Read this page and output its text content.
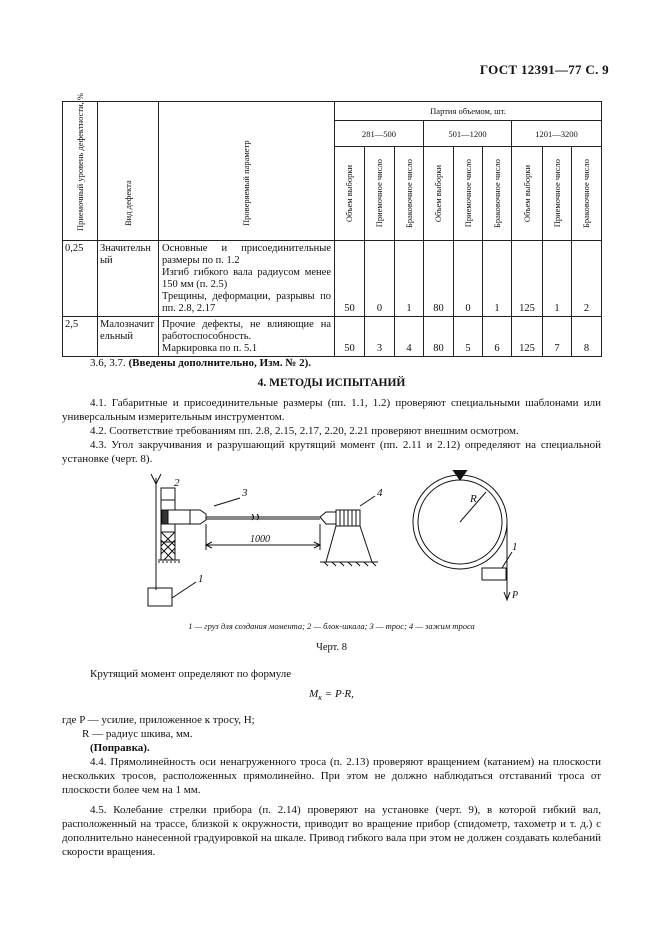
ГОСТ 12391—77 С. 9
Приемочный уровень дефектности, %	Вид дефекта	Проверяемый параметр	Партия объемом, шт.								
			281—500			501—1200			1201—3200		

			Объем выборки	Приемочное число	Браковочное число	Объем выборки	Приемочное число	Браковочное число	Объем выборки	Приемочное число	Браковочное число

0,25	Значительный	Основные и присоединительные размеры по п. 1.2
Изгиб гибкого вала радиусом менее 150 мм (п. 2.5)
Трещины, деформации, разрывы по пп. 2.8, 2.17	50	0	1	80	0	1	125	1	2
2,5	Малозначительный	Прочие дефекты, не влияющие на работоспособность.
Маркировка по п. 5.1	50	3	4	80	5	6	125	7	8
3.6, 3.7. (Введены дополнительно, Изм. № 2).
4. МЕТОДЫ ИСПЫТАНИЙ
4.1. Габаритные и присоединительные размеры (пп. 1.1, 1.2) проверяют специальными шаблонами или универсальным измерительным инструментом.
4.2. Соответствие требованиям пп. 2.8, 2.15, 2.17, 2.20, 2.21 проверяют внешним осмотром.
4.3. Угол закручивания и разрушающий крутящий момент (пп. 2.11 и 2.12) определяют на специальной установке (черт. 8).
2
3	4
1
1
1000
R
P
1 — груз для создания момента; 2 — блок-шкала; 3 — трос; 4 — зажим троса
Черт. 8
Крутящий момент определяют по формуле
$M_к = P\cdot R$,
где P — усилие, приложенное к тросу, Н;
R — радиус шкива, мм.
(Поправка).
4.4. Прямолинейность оси ненагруженного троса (п. 2.13) проверяют вращением (катанием) на плоскости нескольких тросов, расположенных прямолинейно. При этом не должно наблюдаться отставаний троса от плоскости более чем на 1 мм.
4.5. Колебание стрелки прибора (п. 2.14) проверяют на установке (черт. 9), в которой гибкий вал, расположенный на трассе, близкой к окружности, приводит во вращение прибор (спидометр, тахометр и т. д.) с дополнительно нанесенной градуировкой на шкале. Привод гибкого вала при этом не должен создавать колебаний скорости вращения.
